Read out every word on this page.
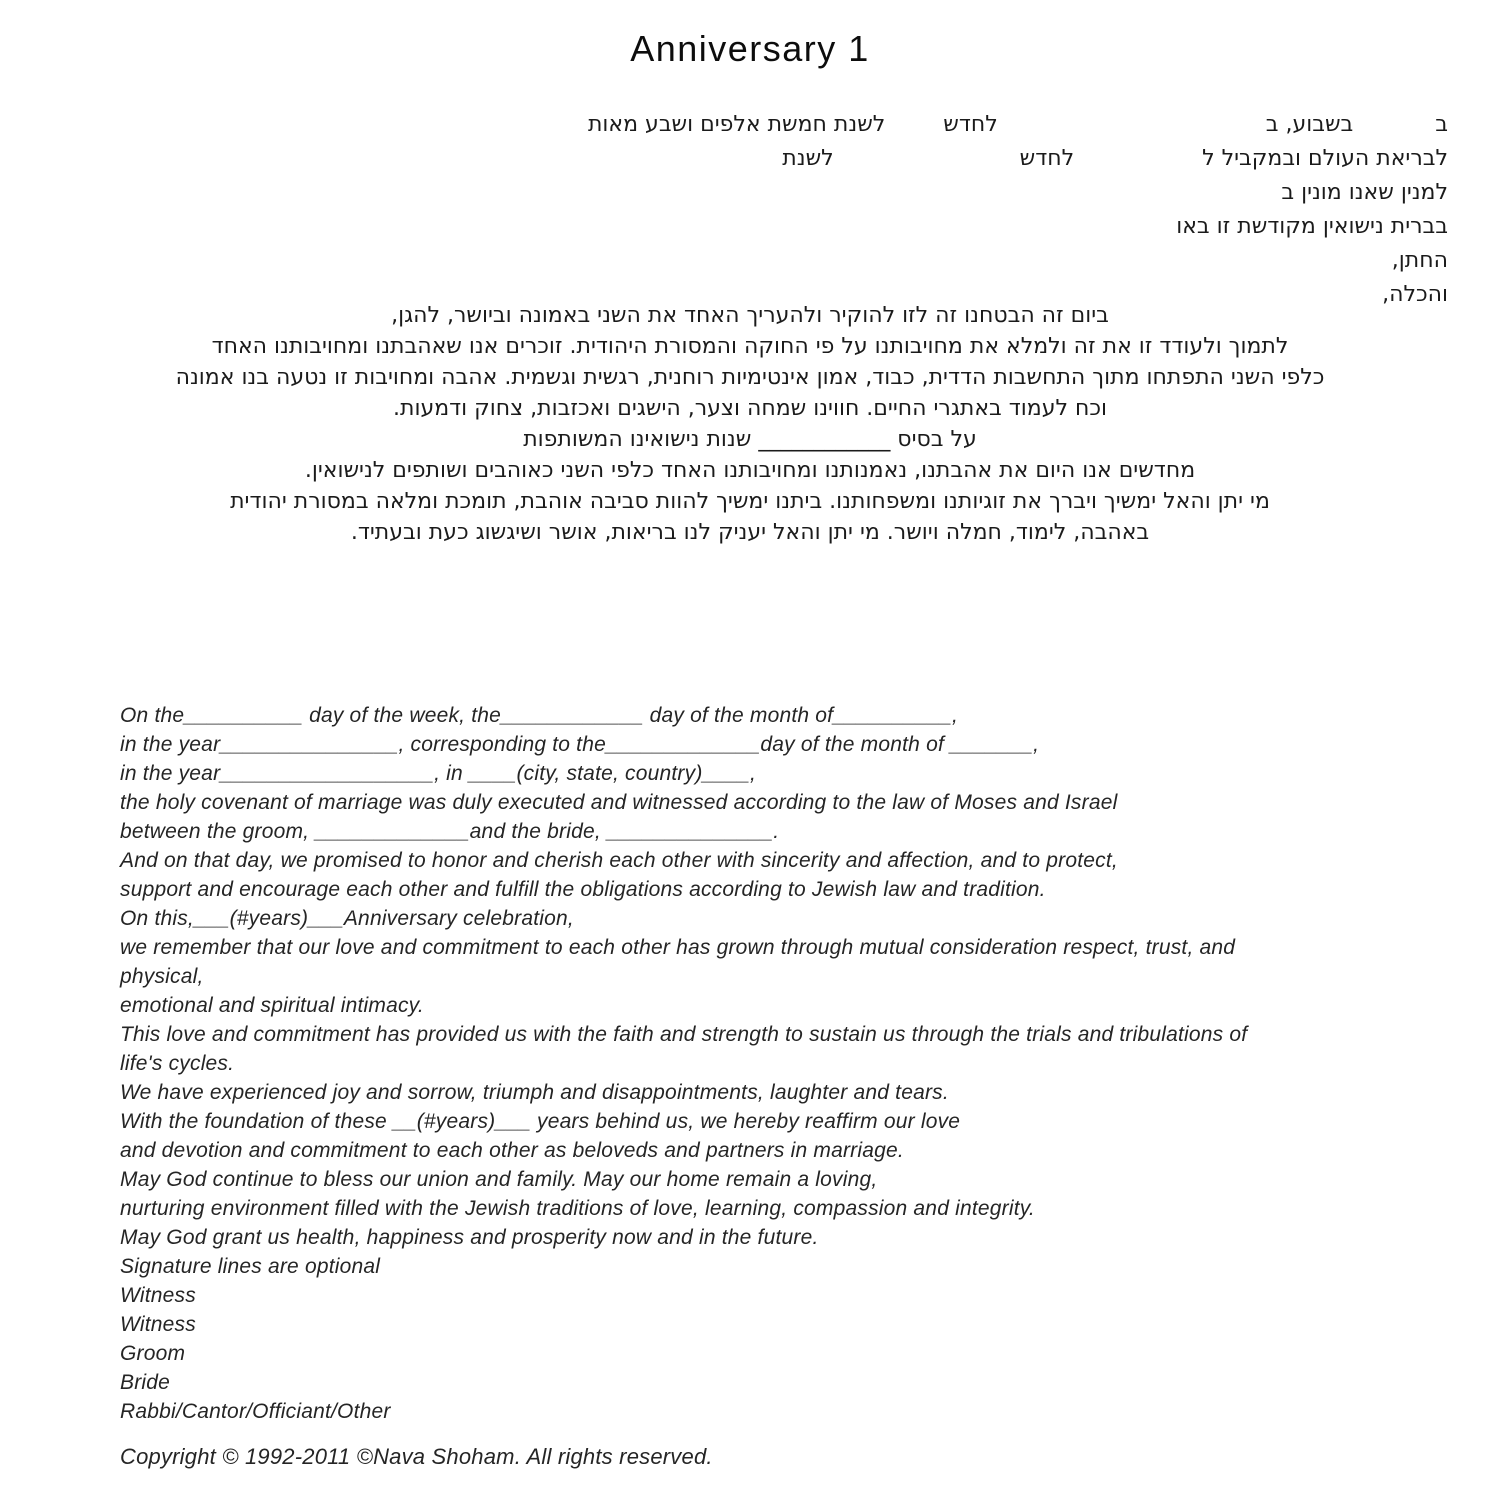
Anniversary 1
בבשבוע, בלחדשלשנת חמשת אלפים ושבע מאות
לבריאת העולם ובמקביל ללחדשלשנת
למנין שאנו מונין ב
בברית נישואין מקודשת זו באו
החתן,
והכלה,
ביום זה הבטחנו זה לזו להוקיר ולהעריך האחד את השני באמונה וביושר, להגן,
לתמוך ולעודד זו את זה ולמלא את מחויבותנו על פי החוקה והמסורת היהודית. זוכרים אנו שאהבתנו ומחויבותנו האחד
כלפי השני התפתחו מתוך התחשבות הדדית, כבוד, אמון אינטימיות רוחנית, רגשית וגשמית. אהבה ומחויבות זו נטעה בנו אמונה
וכח לעמוד באתגרי החיים. חווינו שמחה וצער, הישגים ואכזבות, צחוק ודמעות.
על בסיס ____________ שנות נישואינו המשותפות
מחדשים אנו היום את אהבתנו, נאמנותנו ומחויבותנו האחד כלפי השני כאוהבים ושותפים לנישואין.
מי יתן והאל ימשיך ויברך את זוגיותנו ומשפחותנו. ביתנו ימשיך להוות סביבה אוהבת, תומכת ומלאה במסורת יהודית
באהבה, לימוד, חמלה ויושר. מי יתן והאל יעניק לנו בריאות, אושר ושיגשוג כעת ובעתיד.
On the__________ day of the week, the____________ day of the month of__________,
in the year_______________, corresponding to the_____________day of the month of _______,
in the year__________________, in ____(city, state, country)____,
the holy covenant of marriage was duly executed and witnessed according to the law of Moses and Israel
between the groom, _____________and the bride, ______________.
And on that day, we promised to honor and cherish each other with sincerity and affection, and to protect,
support and encourage each other and fulfill the obligations according to Jewish law and tradition.
On this,___(#years)___Anniversary celebration,
we remember that our love and commitment to each other has grown through mutual consideration respect, trust, and
physical,
emotional and spiritual intimacy.
This love and commitment has provided us with the faith and strength to sustain us through the trials and tribulations of
life's cycles.
We have experienced joy and sorrow, triumph and disappointments, laughter and tears.
With the foundation of these __(#years)___ years behind us, we hereby reaffirm our love
and devotion and commitment to each other as beloveds and partners in marriage.
May God continue to bless our union and family. May our home remain a loving,
nurturing environment filled with the Jewish traditions of love, learning, compassion and integrity.
May God grant us health, happiness and prosperity now and in the future.
Signature lines are optional
Witness
Witness
Groom
Bride
Rabbi/Cantor/Officiant/Other
Copyright © 1992-2011 ©Nava Shoham. All rights reserved.
